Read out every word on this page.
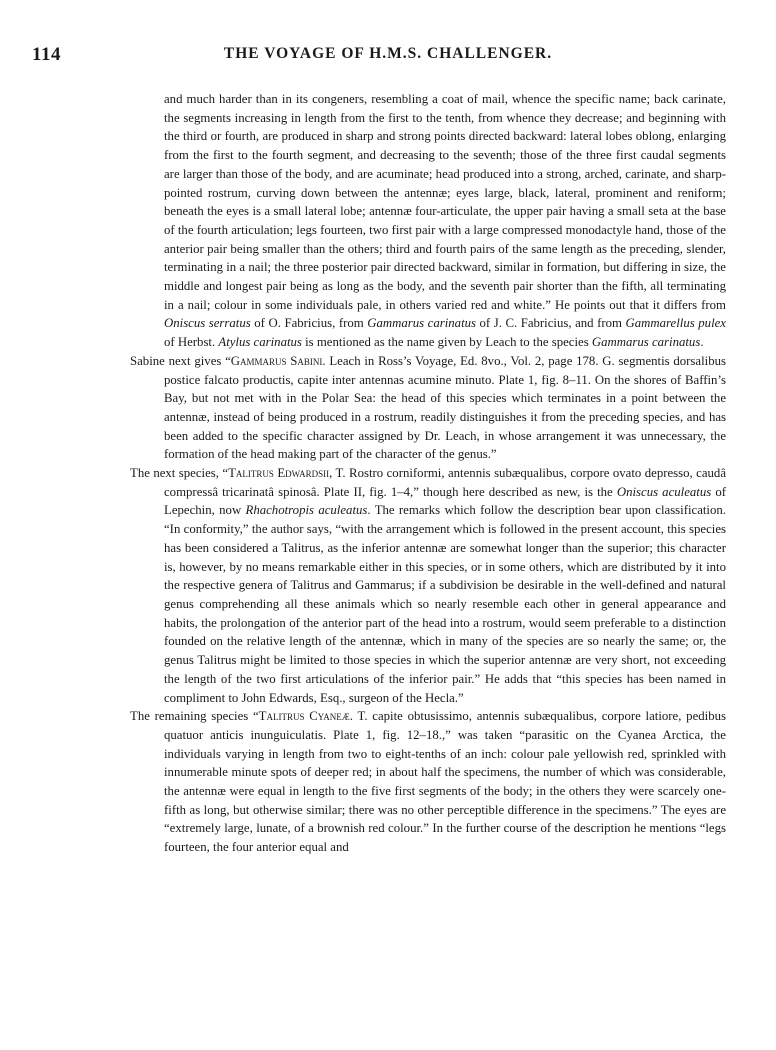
114	THE VOYAGE OF H.M.S. CHALLENGER.

and much harder than in its congeners, resembling a coat of mail, whence the specific name; back carinate, the segments increasing in length from the first to the tenth, from whence they decrease; and beginning with the third or fourth, are produced in sharp and strong points directed backward: lateral lobes oblong, enlarging from the first to the fourth segment, and decreasing to the seventh; those of the three first caudal segments are larger than those of the body, and are acuminate; head produced into a strong, arched, carinate, and sharp-pointed rostrum, curving down between the antennæ; eyes large, black, lateral, prominent and reniform; beneath the eyes is a small lateral lobe; antennæ four-articulate, the upper pair having a small seta at the base of the fourth articulation; legs fourteen, two first pair with a large compressed monodactyle hand, those of the anterior pair being smaller than the others; third and fourth pairs of the same length as the preceding, slender, terminating in a nail; the three posterior pair directed backward, similar in formation, but differing in size, the middle and longest pair being as long as the body, and the seventh pair shorter than the fifth, all terminating in a nail; colour in some individuals pale, in others varied red and white.” He points out that it differs from Oniscus serratus of O. Fabricius, from Gammarus carinatus of J. C. Fabricius, and from Gammarellus pulex of Herbst. Atylus carinatus is mentioned as the name given by Leach to the species Gammarus carinatus.

Sabine next gives “Gammarus Sabini. Leach in Ross’s Voyage, Ed. 8vo., Vol. 2, page 178. G. segmentis dorsalibus postice falcato productis, capite inter antennas acumine minuto. Plate 1, fig. 8–11. On the shores of Baffin’s Bay, but not met with in the Polar Sea: the head of this species which terminates in a point between the antennæ, instead of being produced in a rostrum, readily distinguishes it from the preceding species, and has been added to the specific character assigned by Dr. Leach, in whose arrangement it was unnecessary, the formation of the head making part of the character of the genus.”

The next species, “Talitrus Edwardsii, T. Rostro corniformi, antennis subæqualibus, corpore ovato depresso, caudâ compressâ tricarinatâ spinosâ. Plate II, fig. 1–4,” though here described as new, is the Oniscus aculeatus of Lepechin, now Rhachotropis aculeatus. The remarks which follow the description bear upon classification. “In conformity,” the author says, “with the arrangement which is followed in the present account, this species has been considered a Talitrus, as the inferior antennæ are somewhat longer than the superior; this character is, however, by no means remarkable either in this species, or in some others, which are distributed by it into the respective genera of Talitrus and Gammarus; if a subdivision be desirable in the well-defined and natural genus comprehending all these animals which so nearly resemble each other in general appearance and habits, the prolongation of the anterior part of the head into a rostrum, would seem preferable to a distinction founded on the relative length of the antennæ, which in many of the species are so nearly the same; or, the genus Talitrus might be limited to those species in which the superior antennæ are very short, not exceeding the length of the two first articulations of the inferior pair.” He adds that “this species has been named in compliment to John Edwards, Esq., surgeon of the Hecla.”

The remaining species “Talitrus Cyaneæ. T. capite obtusissimo, antennis subæqualibus, corpore latiore, pedibus quatuor anticis inunguiculatis. Plate 1, fig. 12–18.,” was taken “parasitic on the Cyanea Arctica, the individuals varying in length from two to eight-tenths of an inch: colour pale yellowish red, sprinkled with innumerable minute spots of deeper red; in about half the specimens, the number of which was considerable, the antennæ were equal in length to the five first segments of the body; in the others they were scarcely one-fifth as long, but otherwise similar; there was no other perceptible difference in the specimens.” The eyes are “extremely large, lunate, of a brownish red colour.” In the further course of the description he mentions “legs fourteen, the four anterior equal and
